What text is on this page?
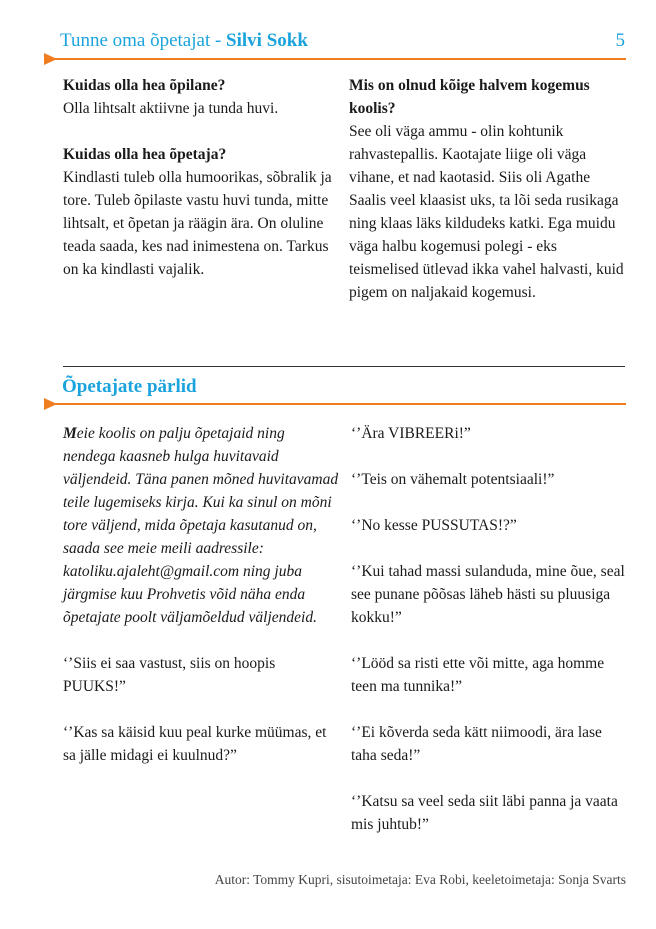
Tunne oma õpetajat - Silvi Sokk	5

Kuidas olla hea õpilane?
Olla lihtsalt aktiivne ja tunda huvi.

Kuidas olla hea õpetaja?
Kindlasti tuleb olla humoorikas, sõbralik ja tore. Tuleb õpilaste vastu huvi tunda, mitte lihtsalt, et õpetan ja räägin ära. On oluline teada saada, kes nad inimestena on. Tarkus on ka kindlasti vajalik.

Mis on olnud kõige halvem kogemus koolis?
See oli väga ammu - olin kohtunik rahvastepallis. Kaotajate liige oli väga vihane, et nad kaotasid. Siis oli Agathe Saalis veel klaasist uks, ta lõi seda rusikaga ning klaas läks kildudeks katki. Ega muidu väga halbu kogemusi polegi - eks teismelised ütlevad ikka vahel halvasti, kuid pigem on naljakaid kogemusi.

Õpetajate pärlid

Meie koolis on palju õpetajaid ning nendega kaasneb hulga huvitavaid väljendeid. Täna panen mõned huvitavamad teile lugemiseks kirja. Kui ka sinul on mõni tore väljend, mida õpetaja kasutanud on, saada see meie meili aadressile: katoliku.ajaleht@gmail.com ning juba järgmise kuu Prohvetis võid näha enda õpetajate poolt väljamõeldud väljendeid.

‘’Siis ei saa vastust, siis on hoopis PUUKS!”

‘’Kas sa käisid kuu peal kurke müümas, et sa jälle midagi ei kuulnud?”

‘’Ära VIBREERi!”

‘’Teis on vähemalt potentsiaali!”

‘’No kesse PUSSUTAS!?”

‘’Kui tahad massi sulanduda, mine õue, seal see punane põõsas läheb hästi su pluusiga kokku!”

‘’Lööd sa risti ette või mitte, aga homme teen ma tunnika!”

‘’Ei kõverda seda kätt niimoodi, ära lase taha seda!”

‘’Katsu sa veel seda siit läbi panna ja vaata mis juhtub!”

Autor: Tommy Kupri, sisutoimetaja: Eva Robi, keeletoimetaja: Sonja Svarts
